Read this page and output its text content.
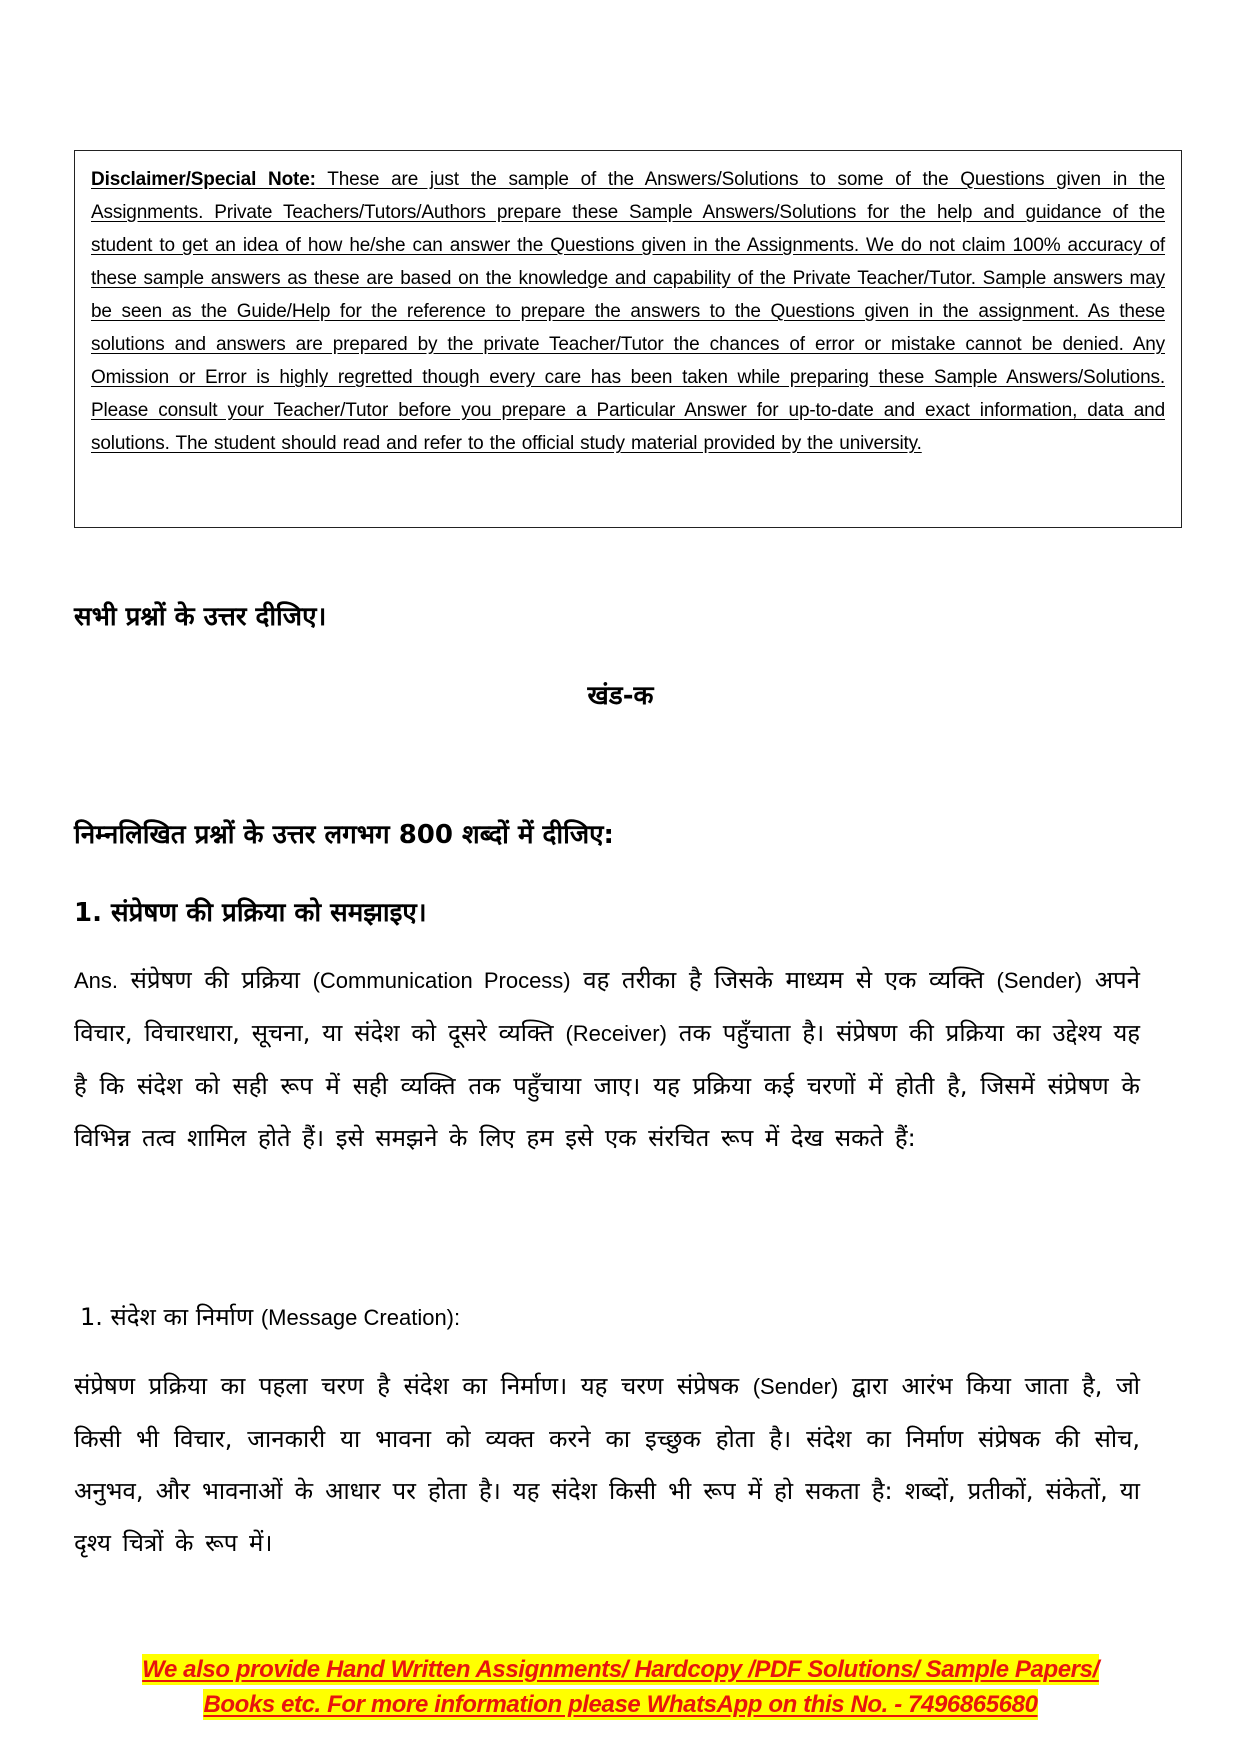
Disclaimer/Special Note: These are just the sample of the Answers/Solutions to some of the Questions given in the Assignments. Private Teachers/Tutors/Authors prepare these Sample Answers/Solutions for the help and guidance of the student to get an idea of how he/she can answer the Questions given in the Assignments. We do not claim 100% accuracy of these sample answers as these are based on the knowledge and capability of the Private Teacher/Tutor. Sample answers may be seen as the Guide/Help for the reference to prepare the answers to the Questions given in the assignment. As these solutions and answers are prepared by the private Teacher/Tutor the chances of error or mistake cannot be denied. Any Omission or Error is highly regretted though every care has been taken while preparing these Sample Answers/Solutions. Please consult your Teacher/Tutor before you prepare a Particular Answer for up-to-date and exact information, data and solutions. The student should read and refer to the official study material provided by the university.
सभी प्रश्नों के उत्तर दीजिए।
खंड-क
निम्नलिखित प्रश्नों के उत्तर लगभग 800 शब्दों में दीजिए:
1. संप्रेषण की प्रक्रिया को समझाइए।
Ans. संप्रेषण की प्रक्रिया (Communication Process) वह तरीका है जिसके माध्यम से एक व्यक्ति (Sender) अपने विचार, विचारधारा, सूचना, या संदेश को दूसरे व्यक्ति (Receiver) तक पहुँचाता है। संप्रेषण की प्रक्रिया का उद्देश्य यह है कि संदेश को सही रूप में सही व्यक्ति तक पहुँचाया जाए। यह प्रक्रिया कई चरणों में होती है, जिसमें संप्रेषण के विभिन्न तत्व शामिल होते हैं। इसे समझने के लिए हम इसे एक संरचित रूप में देख सकते हैं:
1. संदेश का निर्माण (Message Creation):
संप्रेषण प्रक्रिया का पहला चरण है संदेश का निर्माण। यह चरण संप्रेषक (Sender) द्वारा आरंभ किया जाता है, जो किसी भी विचार, जानकारी या भावना को व्यक्त करने का इच्छुक होता है। संदेश का निर्माण संप्रेषक की सोच, अनुभव, और भावनाओं के आधार पर होता है। यह संदेश किसी भी रूप में हो सकता है: शब्दों, प्रतीकों, संकेतों, या दृश्य चित्रों के रूप में।
We also provide Hand Written Assignments/ Hardcopy /PDF Solutions/ Sample Papers/
Books etc. For more information please WhatsApp on this No. - 7496865680
